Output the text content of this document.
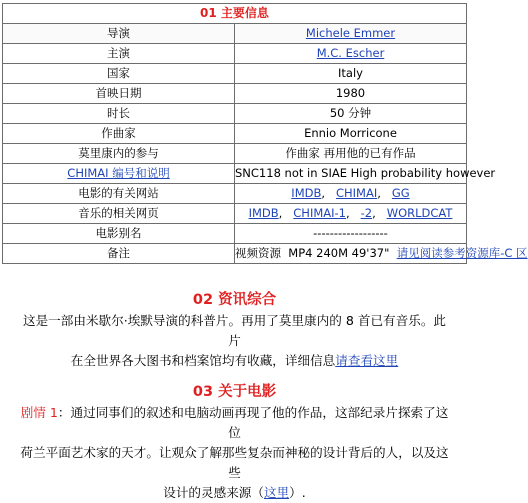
01 主要信息	
导演	Michele Emmer
主演	M.C. Escher
国家	Italy
首映日期	1980
时长	50 分钟
作曲家	Ennio Morricone
莫里康内的参与	作曲家 再用他的已有作品
CHIMAI 编号和说明	SNC118 not in SIAE High probability however
电影的有关网站	IMDB, CHIMAI, GG
音乐的相关网页	IMDB, CHIMAI-1, -2, WORLDCAT
电影别名	------------------
备注	视频资源  MP4 240M 49'37"  请见阅读参考资源库-C 区
02 资讯综合
这是一部由米歇尔·埃默导演的科普片。再用了莫里康内的 8 首已有音乐。此片
在全世界各大图书和档案馆均有收藏，详细信息请查看这里
03 关于电影
剧情 1：通过同事们的叙述和电脑动画再现了他的作品，这部纪录片探索了这位
荷兰平面艺术家的天才。让观众了解那些复杂而神秘的设计背后的人，以及这些
设计的灵感来源（这里）.
